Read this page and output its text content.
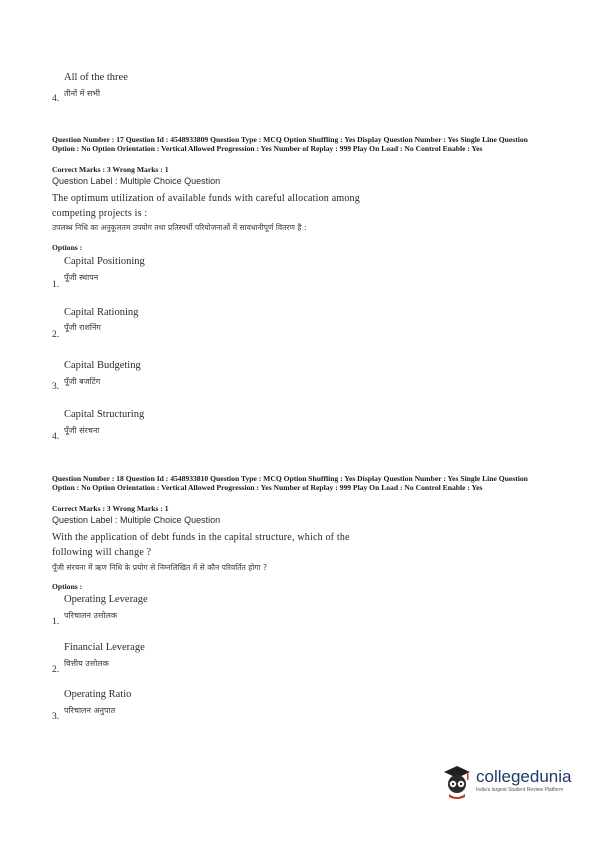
All of the three
4.
तीनों में सभी
Question Number : 17 Question Id : 4548933809 Question Type : MCQ Option Shuffling : Yes Display Question Number : Yes Single Line Question Option : No Option Orientation : Vertical Allowed Progression : Yes Number of Replay : 999 Play On Load : No Control Enable : Yes
Correct Marks : 3 Wrong Marks : 1
Question Label : Multiple Choice Question
The optimum utilization of available funds with careful allocation among
competing projects is :
उपलब्ध निधि का अनुकूलतम उपयोग तथा प्रतिस्पर्धी परियोजनाओं में सावधानीपूर्ण वितरण है :
Options :
Capital Positioning
पूँजी स्थापन
1.
Capital Rationing
पूँजी राशनिंग
2.
Capital Budgeting
पूँजी बजटिंग
3.
Capital Structuring
पूँजी संरचना
4.
Question Number : 18 Question Id : 4548933810 Question Type : MCQ Option Shuffling : Yes Display Question Number : Yes Single Line Question Option : No Option Orientation : Vertical Allowed Progression : Yes Number of Replay : 999 Play On Load : No Control Enable : Yes
Correct Marks : 3 Wrong Marks : 1
Question Label : Multiple Choice Question
With the application of debt funds in the capital structure, which of the
following will change ?
पूँजी संरचना में ऋण निधि के प्रयोग से निम्नलिखित में से कौन परिवर्तित होगा ?
Options :
Operating Leverage
परिचालन उत्तोलक
1.
Financial Leverage
वित्तीय उत्तोलक
2.
Operating Ratio
परिचालन अनुपात
3.
collegedunia
India's largest Student Review Platform
